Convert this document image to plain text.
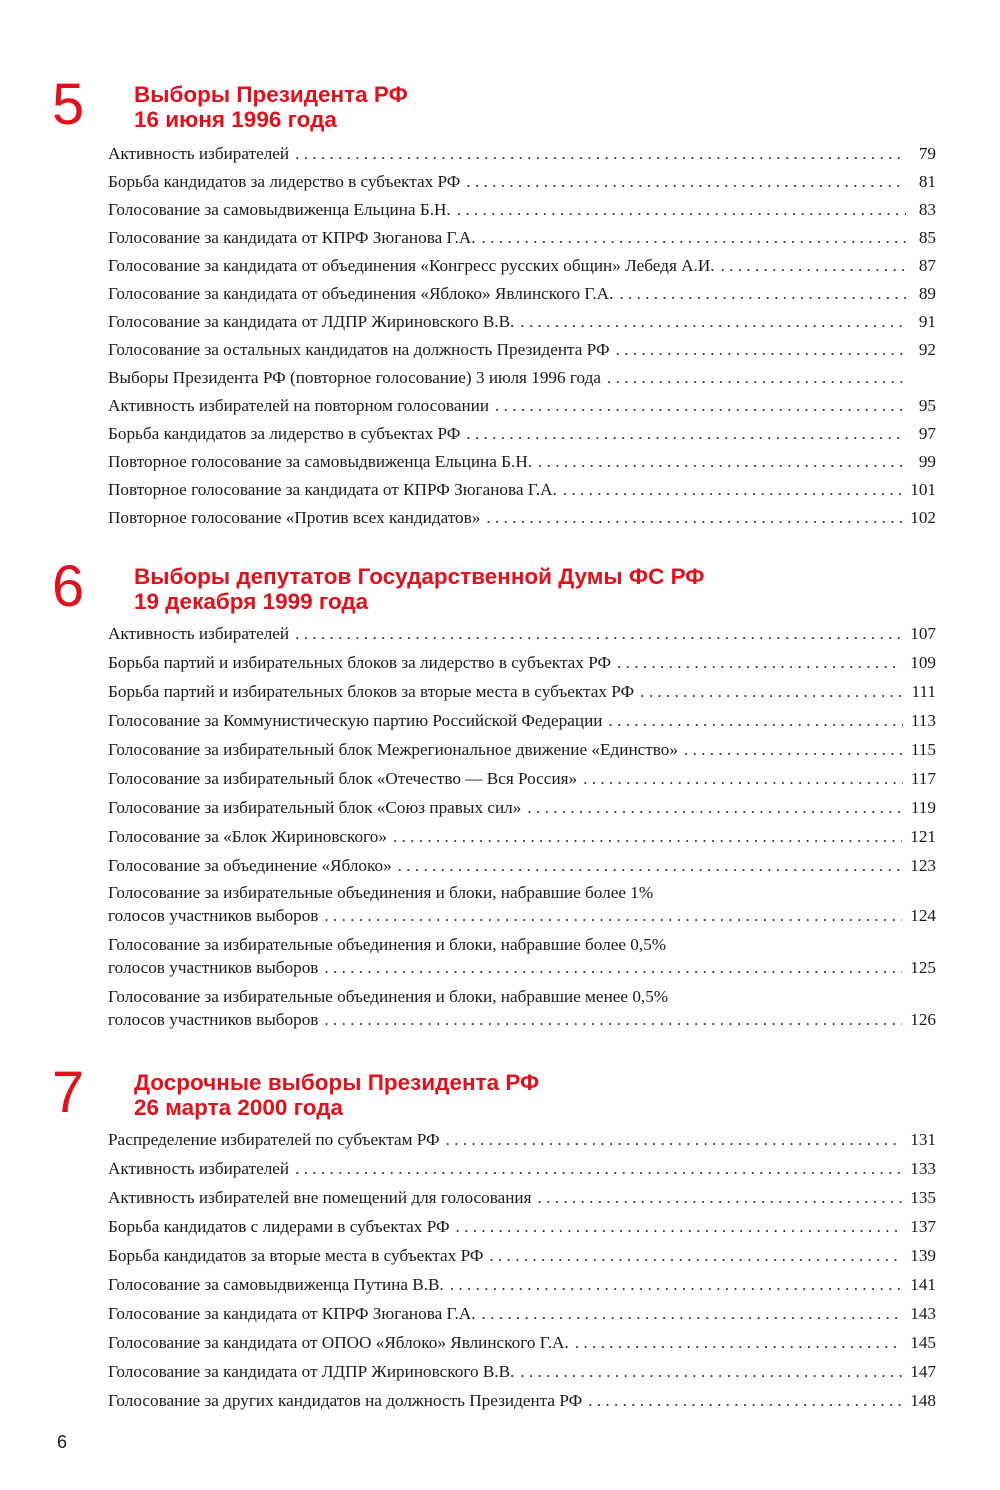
5 Выборы Президента РФ
16 июня 1996 года
Активность избирателей . . .	79
Борьба кандидатов за лидерство в субъектах РФ . . .	81
Голосование за самовыдвиженца Ельцина Б.Н. . . .	83
Голосование за кандидата от КПРФ Зюганова Г.А. . . .	85
Голосование за кандидата от объединения «Конгресс русских общин» Лебедя А.И. . . .	87
Голосование за кандидата от объединения «Яблоко» Явлинского Г.А. . . .	89
Голосование за кандидата от ЛДПР Жириновского В.В. . . .	91
Голосование за остальных кандидатов на должность Президента РФ . . .	92
Выборы Президента РФ (повторное голосование) 3 июля 1996 года
. . .
Активность избирателей на повторном голосовании . . .	95
Борьба кандидатов за лидерство в субъектах РФ . . .	97
Повторное голосование за самовыдвиженца Ельцина Б.Н. . . .	99
Повторное голосование за кандидата от КПРФ Зюганова Г.А. . . .	101
Повторное голосование «Против всех кандидатов» . . .	102
6 Выборы депутатов Государственной Думы ФС РФ
19 декабря 1999 года
Активность избирателей . . .	107
Борьба партий и избирательных блоков за лидерство в субъектах РФ . . .	109
Борьба партий и избирательных блоков за вторые места в субъектах РФ . . .	111
Голосование за Коммунистическую партию Российской Федерации . . .	113
Голосование за избирательный блок Межрегиональное движение «Единство» . . .	115
Голосование за избирательный блок «Отечество — Вся Россия» . . .	117
Голосование за избирательный блок «Союз правых сил» . . .	119
Голосование за «Блок Жириновского» . . .	121
Голосование за объединение «Яблоко» . . .	123
Голосование за избирательные объединения и блоки, набравшие более 1%
голосов участников выборов . . .	124
Голосование за избирательные объединения и блоки, набравшие более 0,5%
голосов участников выборов . . .	125
Голосование за избирательные объединения и блоки, набравшие менее 0,5%
голосов участников выборов . . .	126
7 Досрочные выборы Президента РФ
26 марта 2000 года
Распределение избирателей по субъектам РФ . . .	131
Активность избирателей . . .	133
Активность избирателей вне помещений для голосования . . .	135
Борьба кандидатов с лидерами в субъектах РФ . . .	137
Борьба кандидатов за вторые места в субъектах РФ . . .	139
Голосование за самовыдвиженца Путина В.В. . . .	141
Голосование за кандидата от КПРФ Зюганова Г.А. . . .	143
Голосование за кандидата от ОПОО «Яблоко» Явлинского Г.А. . . .	145
Голосование за кандидата от ЛДПР Жириновского В.В. . . .	147
Голосование за других кандидатов на должность Президента РФ . . .	148
6
